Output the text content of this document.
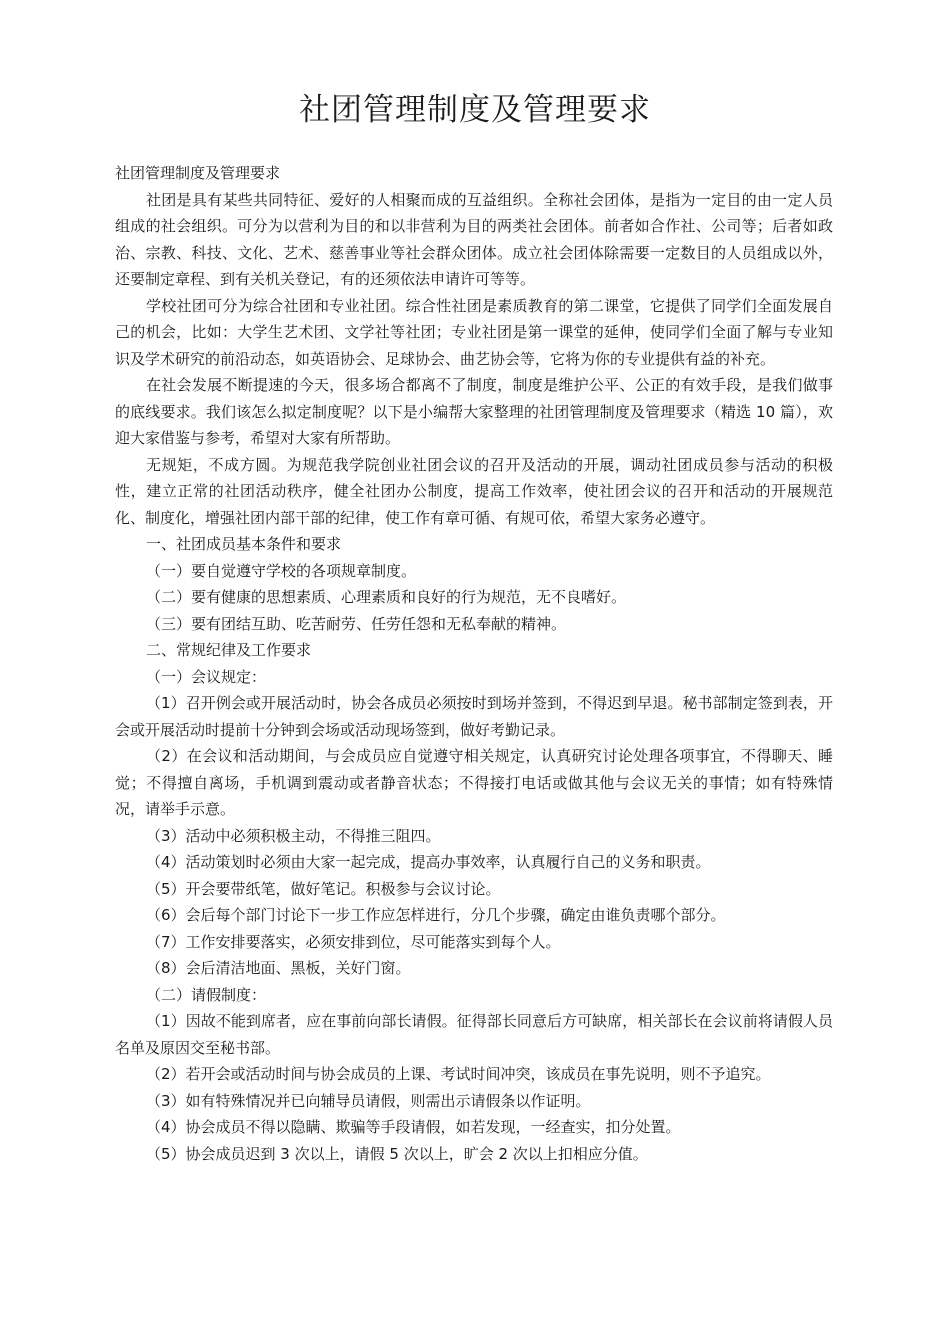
社团管理制度及管理要求

社团管理制度及管理要求

社团是具有某些共同特征、爱好的人相聚而成的互益组织。全称社会团体，是指为一定目的由一定人员组成的社会组织。可分为以营利为目的和以非营利为目的两类社会团体。前者如合作社、公司等；后者如政治、宗教、科技、文化、艺术、慈善事业等社会群众团体。成立社会团体除需要一定数目的人员组成以外，还要制定章程、到有关机关登记，有的还须依法申请许可等等。

学校社团可分为综合社团和专业社团。综合性社团是素质教育的第二课堂，它提供了同学们全面发展自己的机会，比如：大学生艺术团、文学社等社团；专业社团是第一课堂的延伸，使同学们全面了解与专业知识及学术研究的前沿动态，如英语协会、足球协会、曲艺协会等，它将为你的专业提供有益的补充。

在社会发展不断提速的今天，很多场合都离不了制度，制度是维护公平、公正的有效手段，是我们做事的底线要求。我们该怎么拟定制度呢？以下是小编帮大家整理的社团管理制度及管理要求（精选 10 篇），欢迎大家借鉴与参考，希望对大家有所帮助。

无规矩，不成方圆。为规范我学院创业社团会议的召开及活动的开展，调动社团成员参与活动的积极性，建立正常的社团活动秩序，健全社团办公制度，提高工作效率，使社团会议的召开和活动的开展规范化、制度化，增强社团内部干部的纪律，使工作有章可循、有规可依，希望大家务必遵守。

一、社团成员基本条件和要求

（一）要自觉遵守学校的各项规章制度。

（二）要有健康的思想素质、心理素质和良好的行为规范，无不良嗜好。

（三）要有团结互助、吃苦耐劳、任劳任怨和无私奉献的精神。

二、常规纪律及工作要求

（一）会议规定：

（1）召开例会或开展活动时，协会各成员必须按时到场并签到，不得迟到早退。秘书部制定签到表，开会或开展活动时提前十分钟到会场或活动现场签到，做好考勤记录。

（2）在会议和活动期间，与会成员应自觉遵守相关规定，认真研究讨论处理各项事宜，不得聊天、睡觉；不得擅自离场，手机调到震动或者静音状态；不得接打电话或做其他与会议无关的事情；如有特殊情况，请举手示意。

（3）活动中必须积极主动，不得推三阻四。

（4）活动策划时必须由大家一起完成，提高办事效率，认真履行自己的义务和职责。

（5）开会要带纸笔，做好笔记。积极参与会议讨论。

（6）会后每个部门讨论下一步工作应怎样进行，分几个步骤，确定由谁负责哪个部分。

（7）工作安排要落实，必须安排到位，尽可能落实到每个人。

（8）会后清洁地面、黑板，关好门窗。

（二）请假制度：

（1）因故不能到席者，应在事前向部长请假。征得部长同意后方可缺席，相关部长在会议前将请假人员名单及原因交至秘书部。

（2）若开会或活动时间与协会成员的上课、考试时间冲突，该成员在事先说明，则不予追究。

（3）如有特殊情况并已向辅导员请假，则需出示请假条以作证明。

（4）协会成员不得以隐瞒、欺骗等手段请假，如若发现，一经查实，扣分处置。

（5）协会成员迟到 3 次以上，请假 5 次以上，旷会 2 次以上扣相应分值。
